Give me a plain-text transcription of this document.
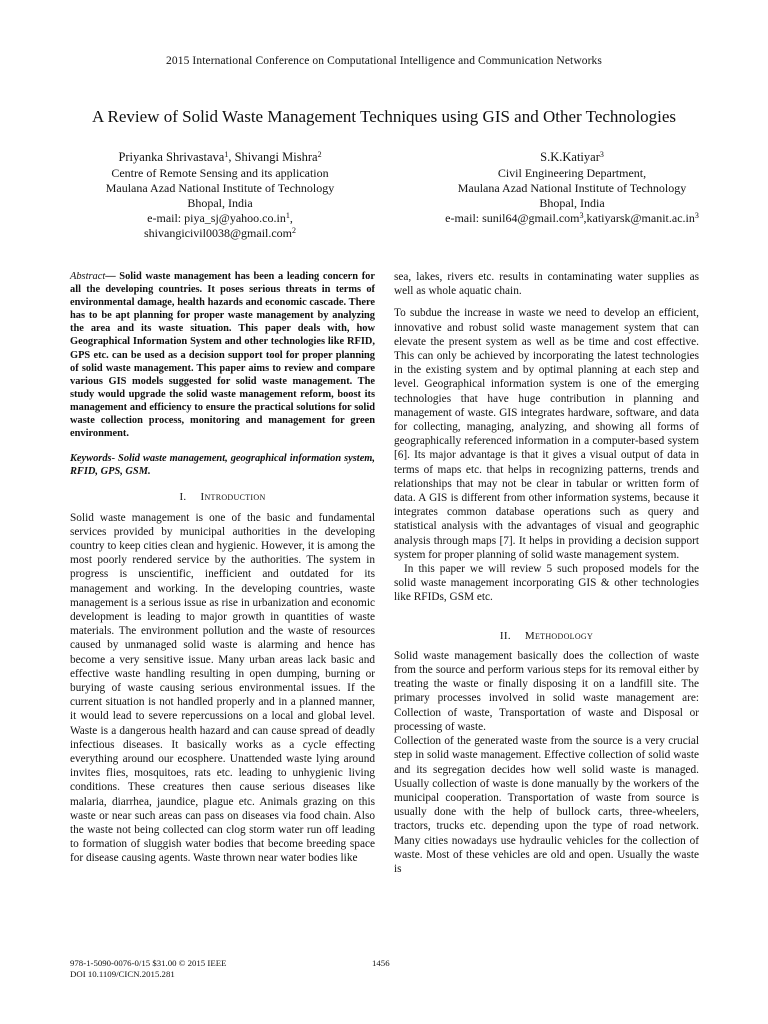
2015 International Conference on Computational Intelligence and Communication Networks
A Review of Solid Waste Management Techniques using GIS and Other Technologies
Priyanka Shrivastava$^1$, Shivangi Mishra$^2$
Centre of Remote Sensing and its application
Maulana Azad National Institute of Technology
Bhopal, India
e-mail: $piya\_sj@yahoo.co.in^1$,
shivangicivil0038@gmail.com$^2$
S.K.Katiyar$^3$
Civil Engineering Department,
Maulana Azad National Institute of Technology
Bhopal, India
e-mail: $sunil64@gmail.com^3,katiyarsk@manit.ac.in^3$

Abstract— Solid waste management has been a leading concern for all the developing countries. It poses serious threats in terms of environmental damage, health hazards and economic cascade. There has to be apt planning for proper waste management by analyzing the area and its waste situation. This paper deals with, how Geographical Information System and other technologies like RFID, GPS etc. can be used as a decision support tool for proper planning of solid waste management. This paper aims to review and compare various GIS models suggested for solid waste management. The study would upgrade the solid waste management reform, boost its management and efficiency to ensure the practical solutions for solid waste collection process, monitoring and management for green environment.

Keywords- Solid waste management, geographical information system, RFID, GPS, GSM.

I. Introduction

Solid waste management is one of the basic and fundamental services provided by municipal authorities in the developing country to keep cities clean and hygienic. However, it is among the most poorly rendered service by the authorities. The system in progress is unscientific, inefficient and outdated for its management and working. In the developing countries, waste management is a serious issue as rise in urbanization and economic development is leading to major growth in quantities of waste materials. The environment pollution and the waste of resources caused by unmanaged solid waste is alarming and hence has become a very sensitive issue. Many urban areas lack basic and effective waste handling resulting in open dumping, burning or burying of waste causing serious environmental issues. If the current situation is not handled properly and in a planned manner, it would lead to severe repercussions on a local and global level. Waste is a dangerous health hazard and can cause spread of deadly infectious diseases. It basically works as a cycle effecting everything around our ecosphere. Unattended waste lying around invites flies, mosquitoes, rats etc. leading to unhygienic living conditions. These creatures then cause serious diseases like malaria, diarrhea, jaundice, plague etc. Animals grazing on this waste or near such areas can pass on diseases via food chain. Also the waste not being collected can clog storm water run off leading to formation of sluggish water bodies that become breeding space for disease causing agents. Waste thrown near water bodies like

sea, lakes, rivers etc. results in contaminating water supplies as well as whole aquatic chain.

To subdue the increase in waste we need to develop an efficient, innovative and robust solid waste management system that can elevate the present system as well as be time and cost effective. This can only be achieved by incorporating the latest technologies in the existing system and by optimal planning at each step and level. Geographical information system is one of the emerging technologies that have huge contribution in planning and management of waste. GIS integrates hardware, software, and data for collecting, managing, analyzing, and showing all forms of geographically referenced information in a computer-based system [6]. Its major advantage is that it gives a visual output of data in terms of maps etc. that helps in recognizing patterns, trends and relationships that may not be clear in tabular or written form of data. A GIS is different from other information systems, because it integrates common database operations such as query and statistical analysis with the advantages of visual and geographic analysis through maps [7]. It helps in providing a decision support system for proper planning of solid waste management system.

In this paper we will review 5 such proposed models for the solid waste management incorporating GIS & other technologies like RFIDs, GSM etc.

II. Methodology

Solid waste management basically does the collection of waste from the source and perform various steps for its removal either by treating the waste or finally disposing it on a landfill site. The primary processes involved in solid waste management are: Collection of waste, Transportation of waste and Disposal or processing of waste.

Collection of the generated waste from the source is a very crucial step in solid waste management. Effective collection of solid waste and its segregation decides how well solid waste is managed. Usually collection of waste is done manually by the workers of the municipal cooperation. Transportation of waste from source is usually done with the help of bullock carts, three-wheelers, tractors, trucks etc. depending upon the type of road network. Many cities nowadays use hydraulic vehicles for the collection of waste. Most of these vehicles are old and open. Usually the waste is

978-1-5090-0076-0/15 $31.00 © 2015 IEEE
DOI 10.1109/CICN.2015.281
1456
